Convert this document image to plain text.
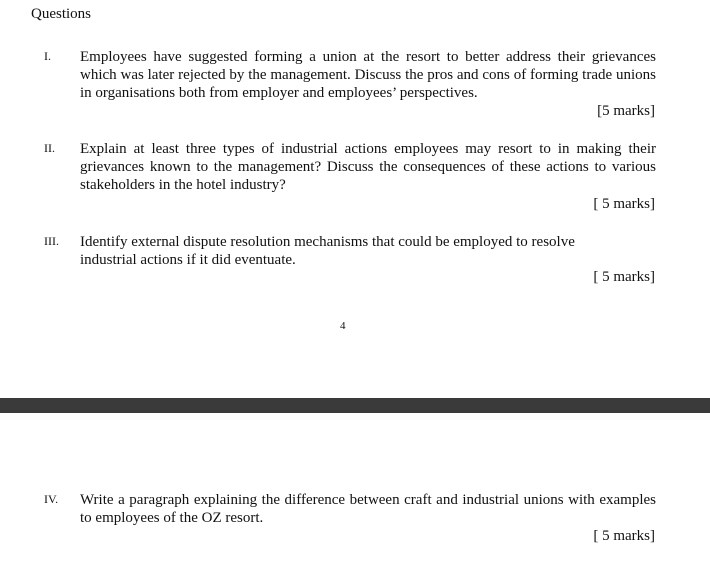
Questions
I. Employees have suggested forming a union at the resort to better address their grievances which was later rejected by the management. Discuss the pros and cons of forming trade unions in organisations both from employer and employees’ perspectives.
[5 marks]
II. Explain at least three types of industrial actions employees may resort to in making their grievances known to the management? Discuss the consequences of these actions to various stakeholders in the hotel industry?
[ 5 marks]
III. Identify external dispute resolution mechanisms that could be employed to resolve industrial actions if it did eventuate.
[ 5 marks]
4
IV. Write a paragraph explaining the difference between craft and industrial unions with examples to employees of the OZ resort.
[ 5 marks]
